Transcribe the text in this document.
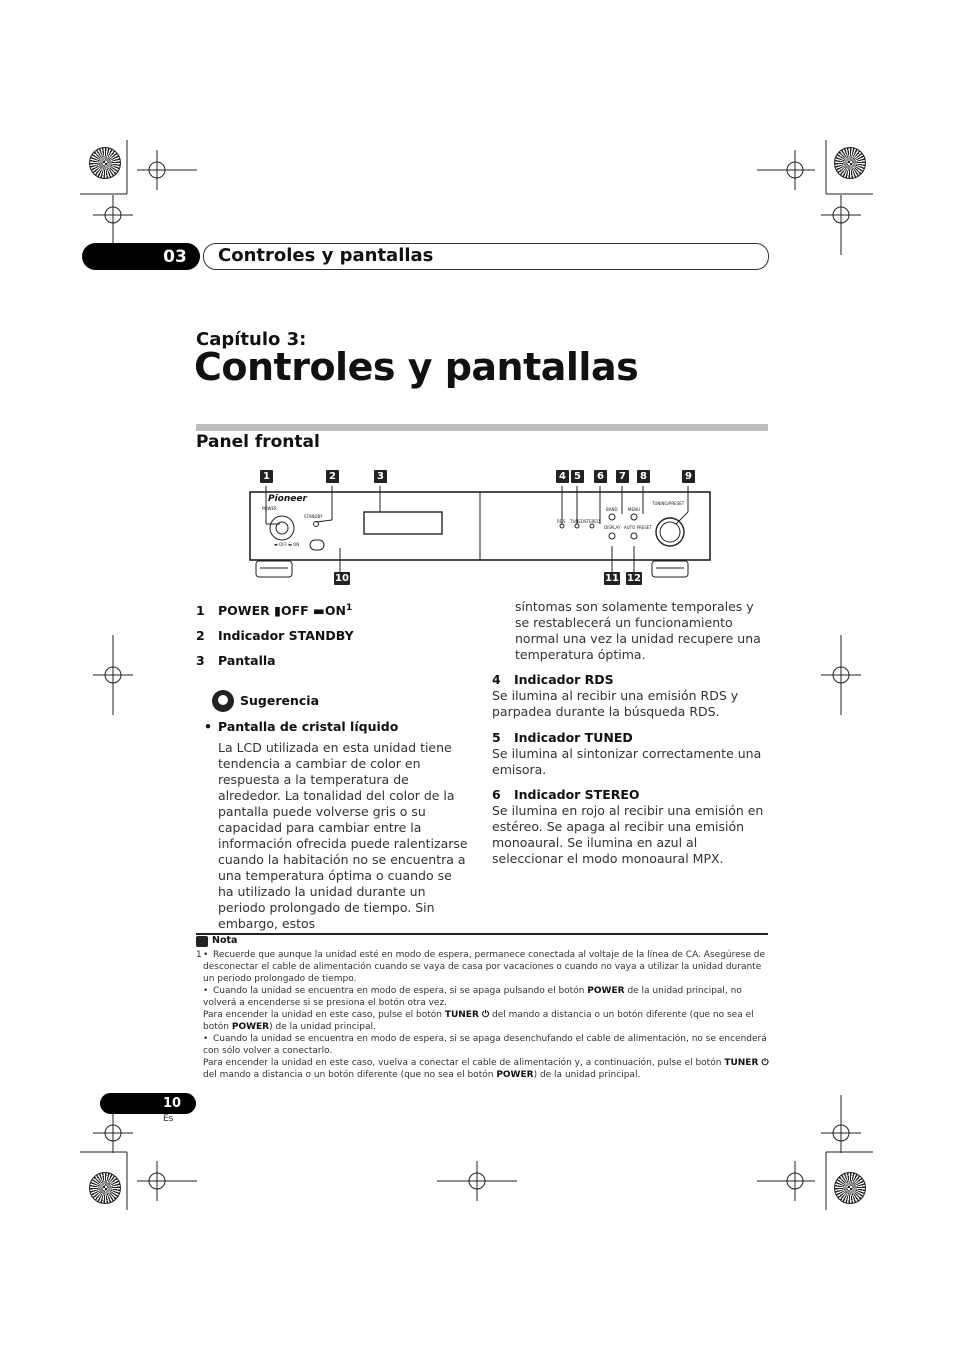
03	Controles y pantallas
Capítulo 3:
Controles y pantallas
Panel frontal
1	2	3	4 5	6	7	8	9
Pioneer
POWER
STANDBY
▬ OFF ▬ ON
RDS TUNED STEREO
BAND	MENU
DISPLAY AUTO PRESET
TUNING/PRESET
10	11 12
1 POWER ▮OFF $▬ON^1$
2 Indicador STANDBY
3 Pantalla
Sugerencia
• Pantalla de cristal líquido
La LCD utilizada en esta unidad tiene tendencia a cambiar de color en respuesta a la temperatura de alrededor. La tonalidad del color de la pantalla puede volverse gris o su capacidad para cambiar entre la información ofrecida puede ralentizarse cuando la habitación no se encuentra a una temperatura óptima o cuando se ha utilizado la unidad durante un periodo prolongado de tiempo. Sin embargo, estos
síntomas son solamente temporales y se restablecerá un funcionamiento normal una vez la unidad recupere una temperatura óptima.
4 Indicador RDS
Se ilumina al recibir una emisión RDS y parpadea durante la búsqueda RDS.
5 Indicador TUNED
Se ilumina al sintonizar correctamente una emisora.
6 Indicador STEREO
Se ilumina en rojo al recibir una emisión en estéreo. Se apaga al recibir una emisión monoaural. Se ilumina en azul al seleccionar el modo monoaural MPX.
Nota
1 • Recuerde que aunque la unidad esté en modo de espera, permanece conectada al voltaje de la línea de CA. Asegúrese de desconectar el cable de alimentación cuando se vaya de casa por vacaciones o cuando no vaya a utilizar la unidad durante un periodo prolongado de tiempo.
• Cuando la unidad se encuentra en modo de espera, si se apaga pulsando el botón POWER de la unidad principal, no volverá a encenderse si se presiona el botón otra vez.
Para encender la unidad en este caso, pulse el botón TUNER ⏻ del mando a distancia o un botón diferente (que no sea el botón POWER) de la unidad principal.
• Cuando la unidad se encuentra en modo de espera, si se apaga desenchufando el cable de alimentación, no se encenderá con sólo volver a conectarlo.
Para encender la unidad en este caso, vuelva a conectar el cable de alimentación y, a continuación, pulse el botón TUNER ⏻ del mando a distancia o un botón diferente (que no sea el botón POWER) de la unidad principal.
10
Es
